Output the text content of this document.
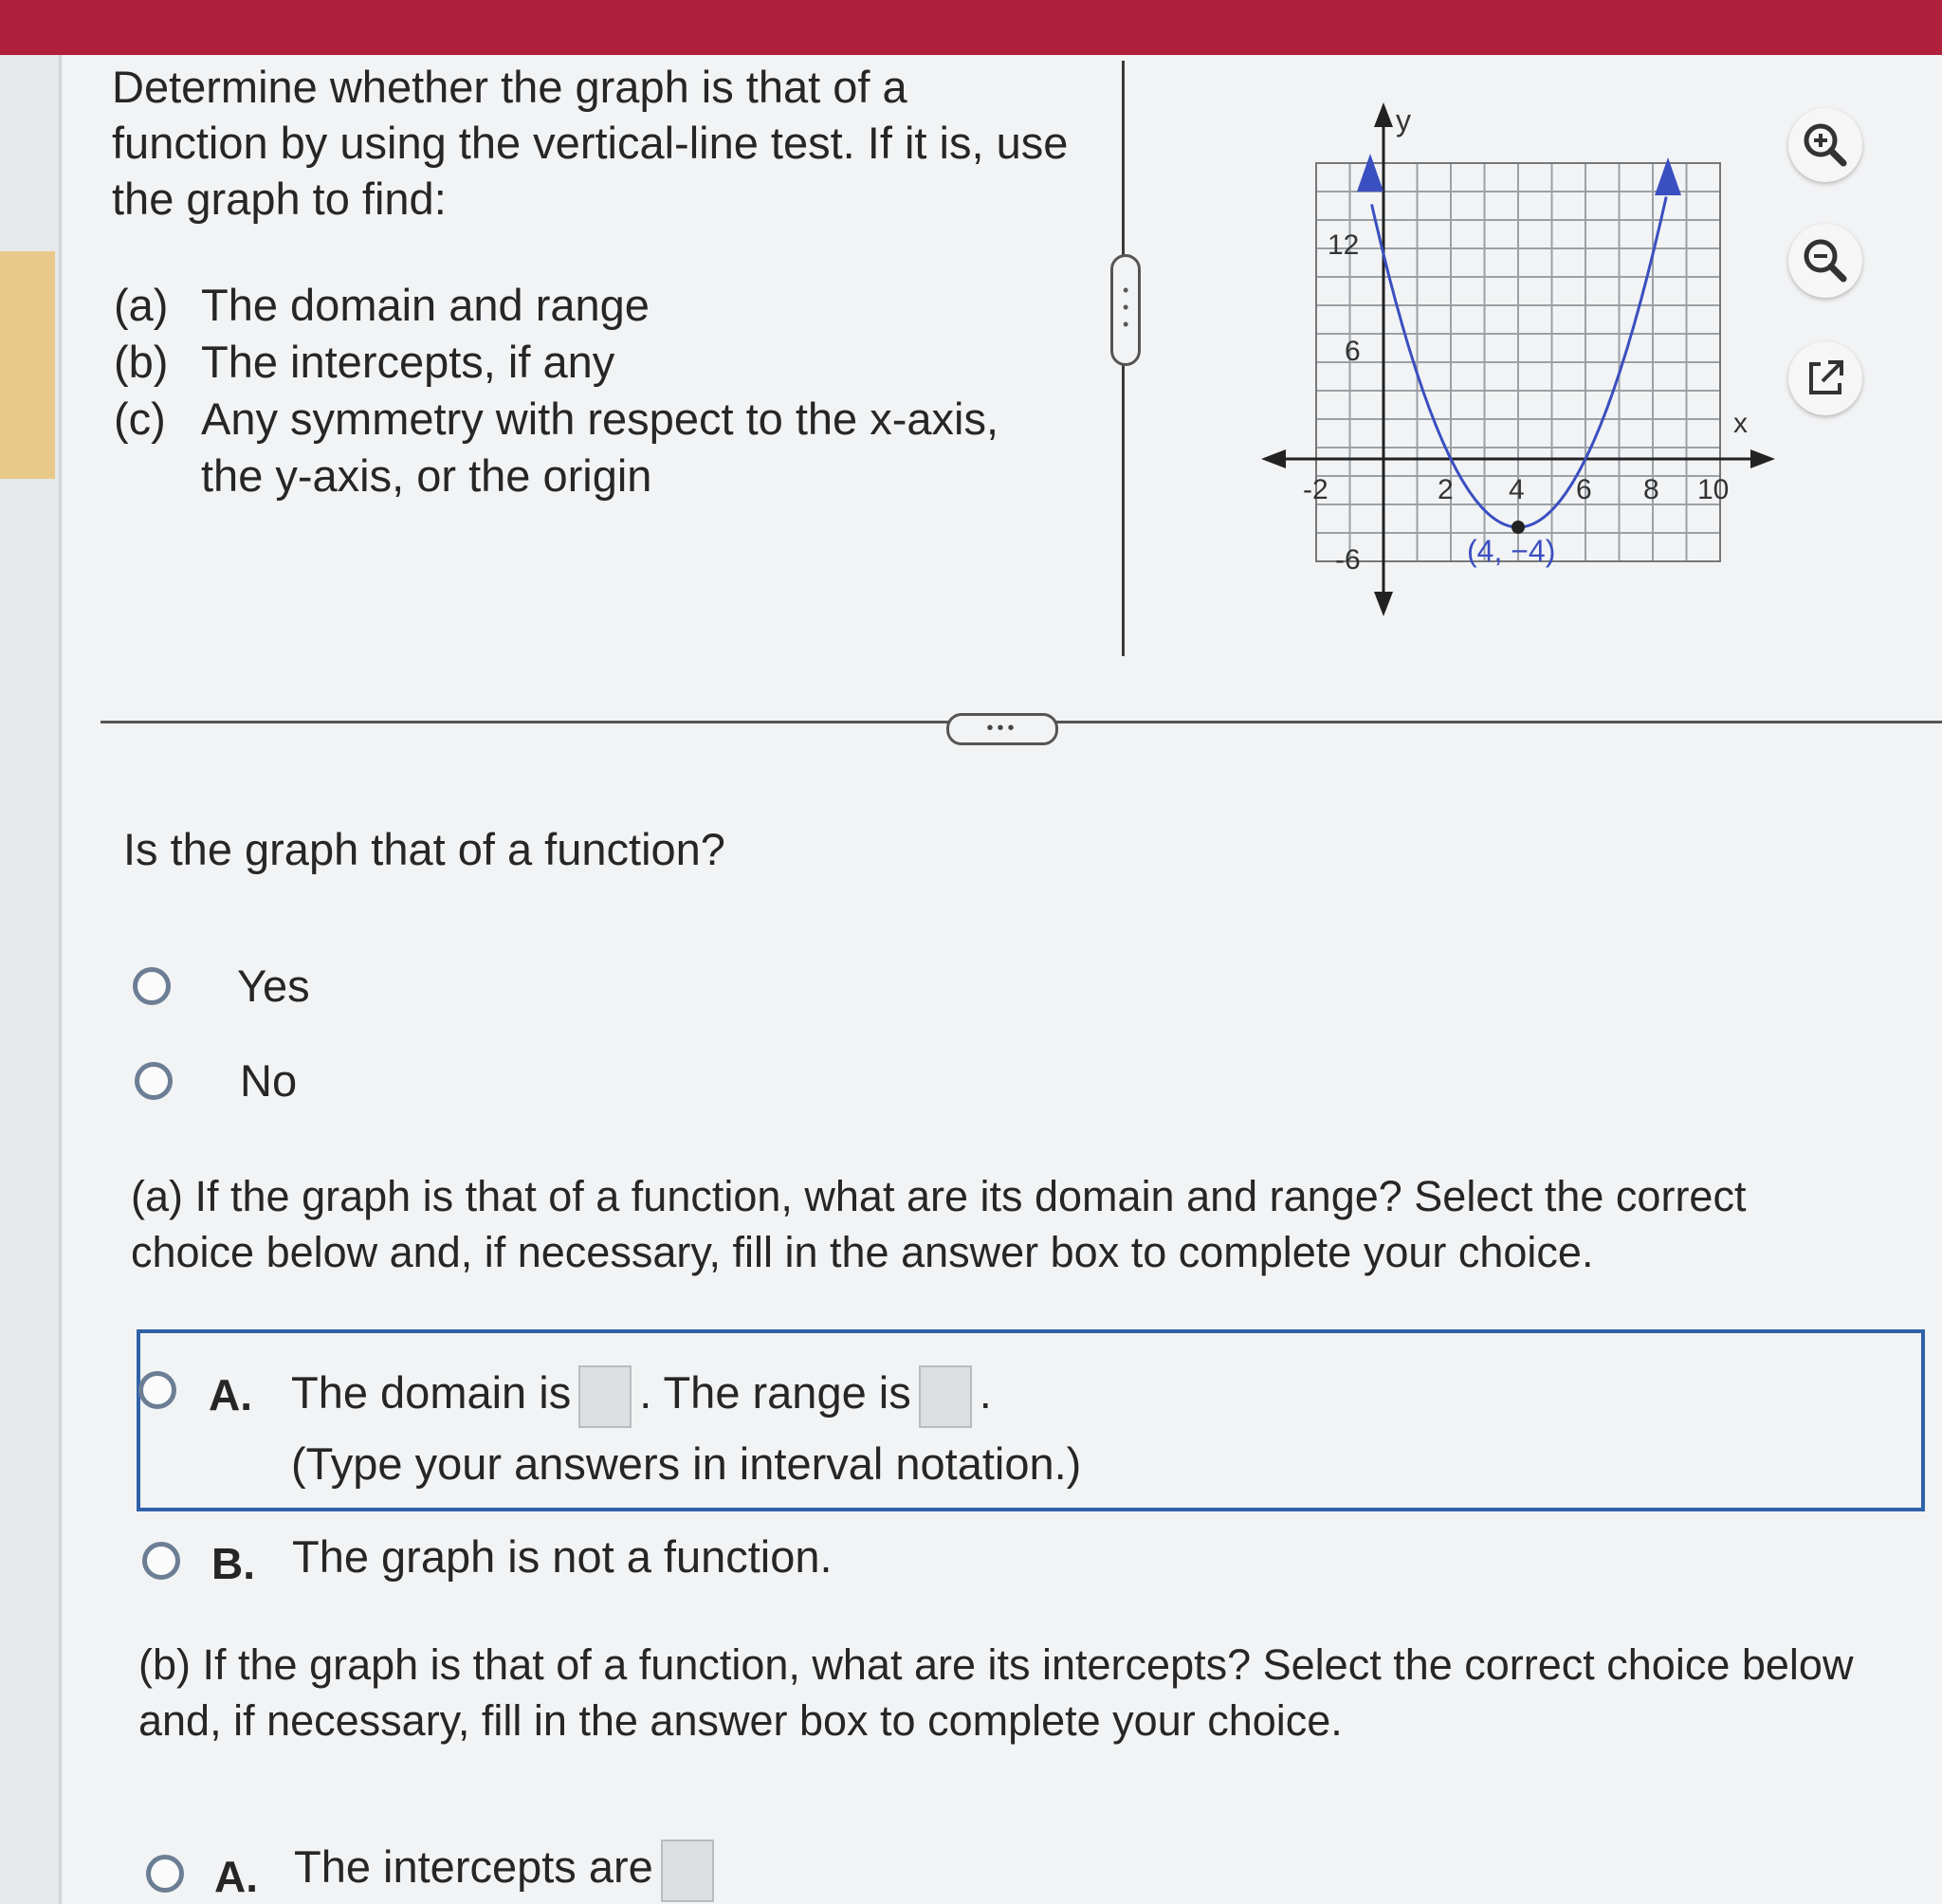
Determine whether the graph is that of a function by using the vertical-line test. If it is, use the graph to find:

(a) The domain and range
(b) The intercepts, if any
(c) Any symmetry with respect to the x-axis, the y-axis, or the origin
•
•
•
•••
y
x
-2	2 4 6 8 10
12
6
-6	(4, −4)
Is the graph that of a function?
Yes
No
(a) If the graph is that of a function, what are its domain and range? Select the correct choice below and, if necessary, fill in the answer box to complete your choice.
A. The domain is . The range is .
(Type your answers in interval notation.)
B. The graph is not a function.
(b) If the graph is that of a function, what are its intercepts? Select the correct choice below and, if necessary, fill in the answer box to complete your choice.
A. The intercepts are
